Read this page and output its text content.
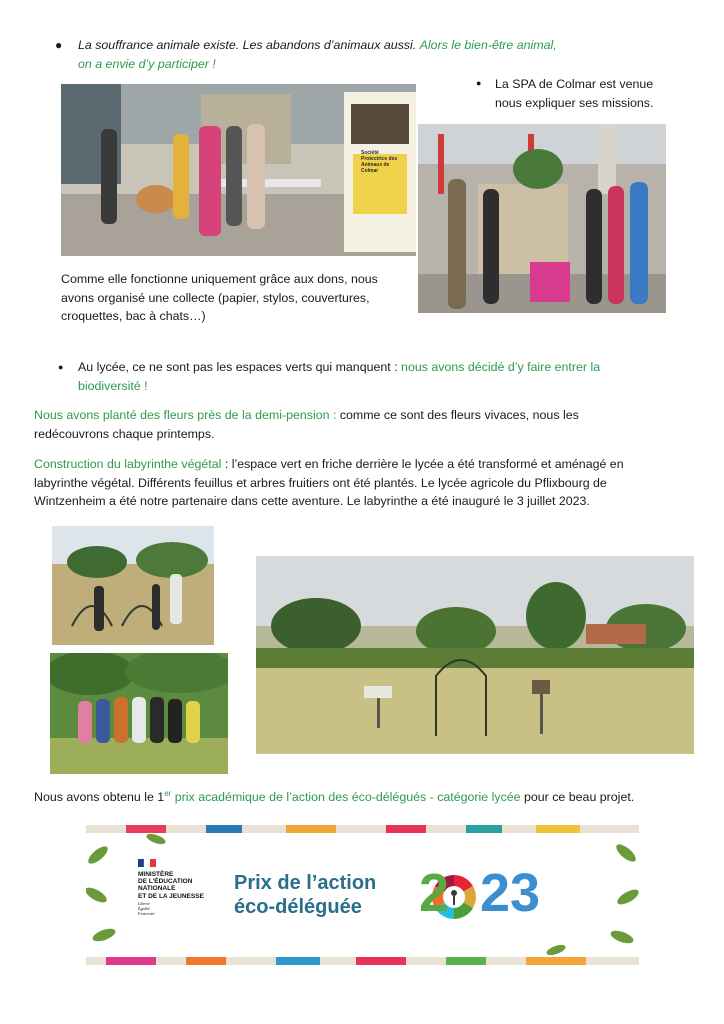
● La souffrance animale existe. Les abandons d’animaux aussi. Alors le bien-être animal,
on a envie d’y participer !
● La SPA de Colmar est venue
nous expliquer ses missions.
Société Protectrice des Animaux de Colmar
Comme elle fonctionne uniquement grâce aux dons, nous
avons organisé une collecte (papier, stylos, couvertures,
croquettes, bac à chats…)
● Au lycée, ce ne sont pas les espaces verts qui manquent : nous avons décidé d’y faire entrer la
biodiversité !
Nous avons planté des fleurs près de la demi-pension : comme ce sont des fleurs vivaces, nous les
redécouvrons chaque printemps.
Construction du labyrinthe végétal : l’espace vert en friche derrière le lycée a été transformé et aménagé en
labyrinthe végétal. Différents feuillus et arbres fruitiers ont été plantés. Le lycée agricole du Pflixbourg de
Wintzenheim a été notre partenaire dans cette aventure. Le labyrinthe a été inauguré le 3 juillet 2023.
Nous avons obtenu le 1er prix académique de l’action des éco-délégués - catégorie lycée pour ce beau projet.
MINISTÈRE
DE L’ÉDUCATION
NATIONALE
ET DE LA JEUNESSE
Liberté
Égalité
Fraternité
Prix de l’action
éco-déléguée	2 23
